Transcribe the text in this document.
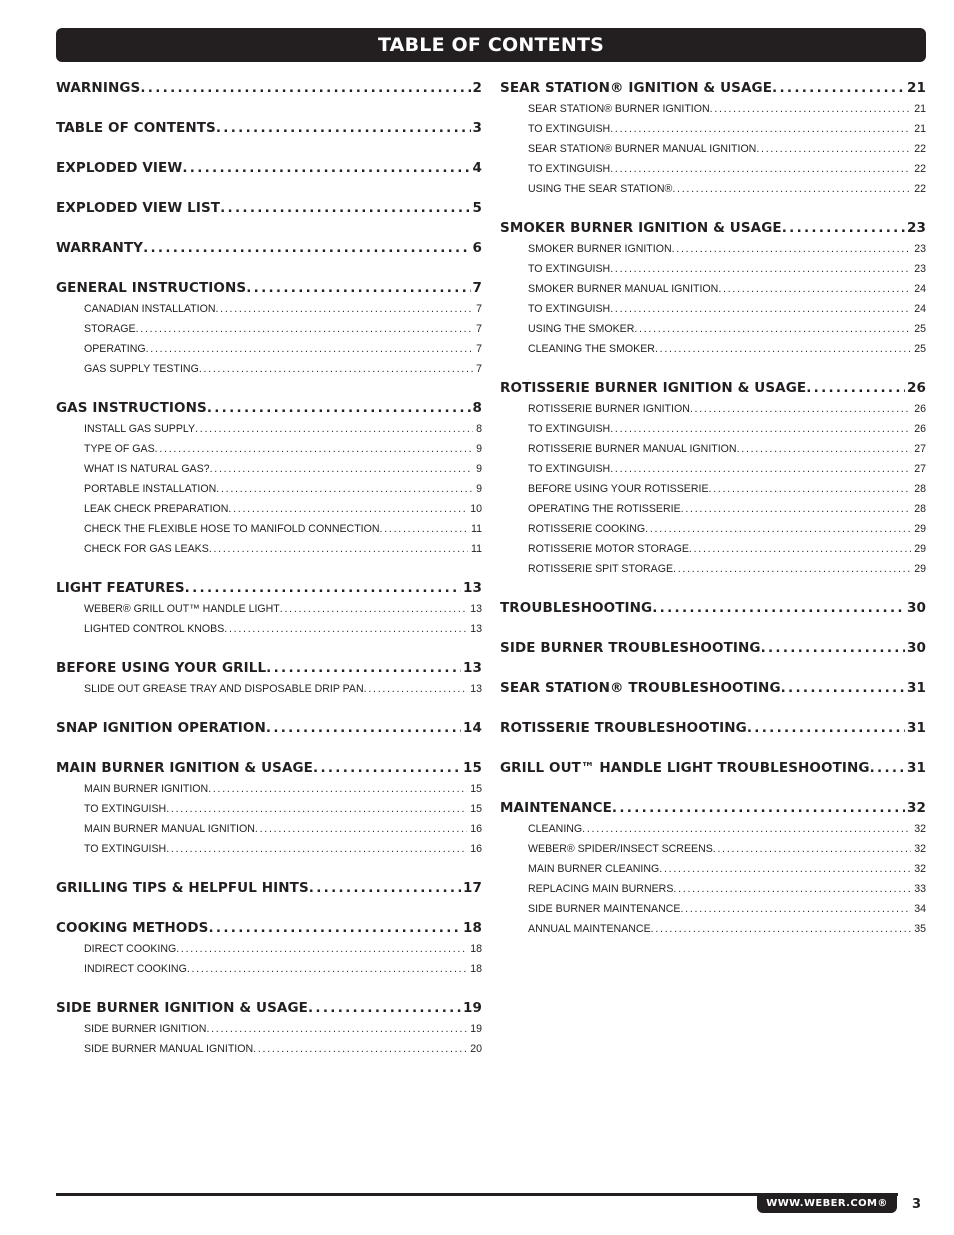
TABLE OF CONTENTS
WARNINGS . . .	2
TABLE OF CONTENTS . . .	3
EXPLODED VIEW . . .	4
EXPLODED VIEW LIST . . .	5
WARRANTY . . .	6
GENERAL INSTRUCTIONS . . .	7
CANADIAN INSTALLATION . . .	7
STORAGE . . .	7
OPERATING . . .	7
GAS SUPPLY TESTING . . .	7
GAS INSTRUCTIONS . . .	8
INSTALL GAS SUPPLY . . .	8
TYPE OF GAS . . .	9
WHAT IS NATURAL GAS? . . .	9
PORTABLE INSTALLATION . . .	9
LEAK CHECK PREPARATION . . .	10
CHECK THE FLEXIBLE HOSE TO MANIFOLD CONNECTION . . .	11
CHECK FOR GAS LEAKS . . .	11
LIGHT FEATURES . . .	13
WEBER® GRILL OUT™ HANDLE LIGHT . . .	13
LIGHTED CONTROL KNOBS . . .	13
BEFORE USING YOUR GRILL . . .	13
SLIDE OUT GREASE TRAY AND DISPOSABLE DRIP PAN . . .	13
SNAP IGNITION OPERATION . . .	14
MAIN BURNER IGNITION & USAGE . . .	15
MAIN BURNER IGNITION . . .	15
TO EXTINGUISH . . .	15
MAIN BURNER MANUAL IGNITION . . .	16
TO EXTINGUISH . . .	16
GRILLING TIPS & HELPFUL HINTS . . .	17
COOKING METHODS . . .	18
DIRECT COOKING . . .	18
INDIRECT COOKING . . .	18
SIDE BURNER IGNITION & USAGE . . .	19
SIDE BURNER IGNITION . . .	19
SIDE BURNER MANUAL IGNITION . . .	20
SEAR STATION® IGNITION & USAGE . . .	21
SEAR STATION® BURNER IGNITION . . .	21
TO EXTINGUISH . . .	21
SEAR STATION® BURNER MANUAL IGNITION . . .	22
TO EXTINGUISH . . .	22
USING THE SEAR STATION® . . .	22
SMOKER BURNER IGNITION & USAGE . . .	23
SMOKER BURNER IGNITION . . .	23
TO EXTINGUISH . . .	23
SMOKER BURNER MANUAL IGNITION . . .	24
TO EXTINGUISH . . .	24
USING THE SMOKER . . .	25
CLEANING THE SMOKER . . .	25
ROTISSERIE BURNER IGNITION & USAGE . . .	26
ROTISSERIE BURNER IGNITION . . .	26
TO EXTINGUISH . . .	26
ROTISSERIE BURNER MANUAL IGNITION . . .	27
TO EXTINGUISH . . .	27
BEFORE USING YOUR ROTISSERIE . . .	28
OPERATING THE ROTISSERIE . . .	28
ROTISSERIE COOKING . . .	29
ROTISSERIE MOTOR STORAGE . . .	29
ROTISSERIE SPIT STORAGE . . .	29
TROUBLESHOOTING . . .	30
SIDE BURNER TROUBLESHOOTING . . .	30
SEAR STATION® TROUBLESHOOTING . . .	31
ROTISSERIE TROUBLESHOOTING . . .	31
GRILL OUT™ HANDLE LIGHT TROUBLESHOOTING . . .	31
MAINTENANCE . . .	32
CLEANING . . .	32
WEBER® SPIDER/INSECT SCREENS . . .	32
MAIN BURNER CLEANING . . .	32
REPLACING MAIN BURNERS . . .	33
SIDE BURNER MAINTENANCE . . .	34
ANNUAL MAINTENANCE . . .	35
WWW.WEBER.COM® 3
